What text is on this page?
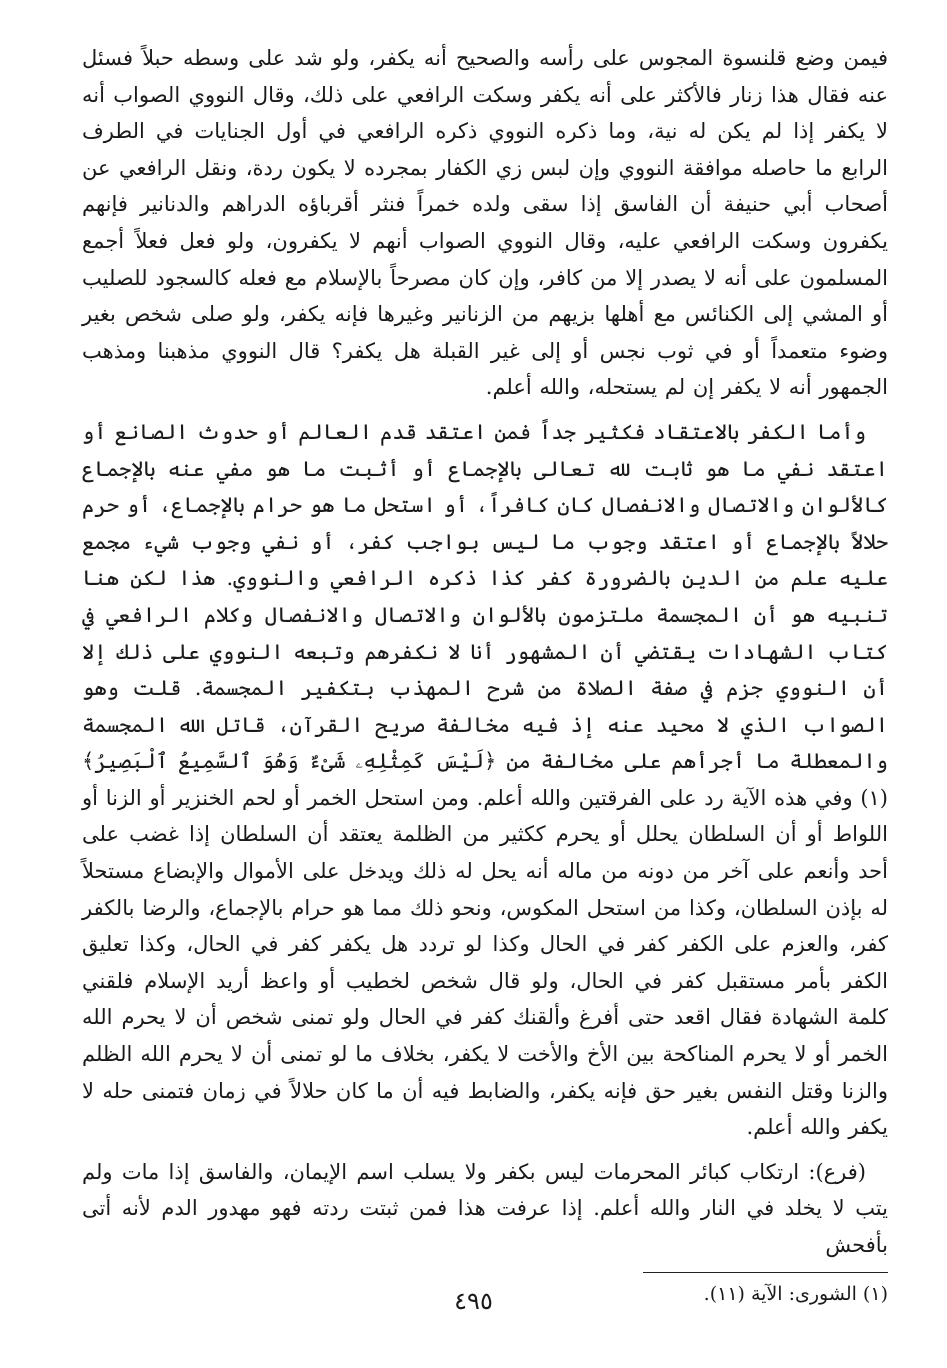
فيمن وضع قلنسوة المجوس على رأسه والصحيح أنه يكفر، ولو شد على وسطه حبلاً فسئل عنه فقال هذا زنار فالأكثر على أنه يكفر وسكت الرافعي على ذلك، وقال النووي الصواب أنه لا يكفر إذا لم يكن له نية، وما ذكره النووي ذكره الرافعي في أول الجنايات في الطرف الرابع ما حاصله موافقة النووي وإن لبس زي الكفار بمجرده لا يكون ردة، ونقل الرافعي عن أصحاب أبي حنيفة أن الفاسق إذا سقى ولده خمراً فنثر أقرباؤه الدراهم والدنانير فإنهم يكفرون وسكت الرافعي عليه، وقال النووي الصواب أنهم لا يكفرون، ولو فعل فعلاً أجمع المسلمون على أنه لا يصدر إلا من كافر، وإن كان مصرحاً بالإسلام مع فعله كالسجود للصليب أو المشي إلى الكنائس مع أهلها بزيهم من الزنانير وغيرها فإنه يكفر، ولو صلى شخص بغير وضوء متعمداً أو في ثوب نجس أو إلى غير القبلة هل يكفر؟ قال النووي مذهبنا ومذهب الجمهور أنه لا يكفر إن لم يستحله، والله أعلم.

وأما الكفر بالاعتقاد فكثير جداً فمن اعتقد قدم العالم أو حدوث الصانع أو اعتقد نفي ما هو ثابت لله تعالى بالإجماع أو أثبت ما هو مفي عنه بالإجماع كالألوان والاتصال والانفصال كان كافراً، أو استحل ما هو حرام بالإجماع، أو حرم حلالاً بالإجماع أو اعتقد وجوب ما ليس بواجب كفر، أو نفي وجوب شيء مجمع عليه علم من الدين بالضرورة كفر كذا ذكره الرافعي والنووي. هذا لكن هنا تنبيه هو أن المجسمة ملتزمون بالألوان والاتصال والانفصال وكلام الرافعي في كتاب الشهادات يقتضي أن المشهور أنا لا نكفرهم وتبعه النووي على ذلك إلا أن النووي جزم في صفة الصلاة من شرح المهذب بتكفير المجسمة. قلت وهو الصواب الذي لا محيد عنه إذ فيه مخالفة صريح القرآن، قاتل الله المجسمة والمعطلة ما أجرأهم على مخالفة من ﴿لَيْسَ كَمِثْلِهِۦ شَىْءٌ وَهُوَ ٱلسَّمِيعُ ٱلْبَصِيرُ﴾(١) وفي هذه الآية رد على الفرقتين والله أعلم. ومن استحل الخمر أو لحم الخنزير أو الزنا أو اللواط أو أن السلطان يحلل أو يحرم ككثير من الظلمة يعتقد أن السلطان إذا غضب على أحد وأنعم على آخر من دونه من ماله أنه يحل له ذلك ويدخل على الأموال والإبضاع مستحلاً له بإذن السلطان، وكذا من استحل المكوس، ونحو ذلك مما هو حرام بالإجماع، والرضا بالكفر كفر، والعزم على الكفر كفر في الحال وكذا لو تردد هل يكفر كفر في الحال، وكذا تعليق الكفر بأمر مستقبل كفر في الحال، ولو قال شخص لخطيب أو واعظ أريد الإسلام فلقني كلمة الشهادة فقال اقعد حتى أفرغ وألقنك كفر في الحال ولو تمنى شخص أن لا يحرم الله الخمر أو لا يحرم المناكحة بين الأخ والأخت لا يكفر، بخلاف ما لو تمنى أن لا يحرم الله الظلم والزنا وقتل النفس بغير حق فإنه يكفر، والضابط فيه أن ما كان حلالاً في زمان فتمنى حله لا يكفر والله أعلم.

(فرع): ارتكاب كبائر المحرمات ليس بكفر ولا يسلب اسم الإيمان، والفاسق إذا مات ولم يتب لا يخلد في النار والله أعلم. إذا عرفت هذا فمن ثبتت ردته فهو مهدور الدم لأنه أتى بأفحش

(١) الشورى: الآية (١١).

٤٩٥
